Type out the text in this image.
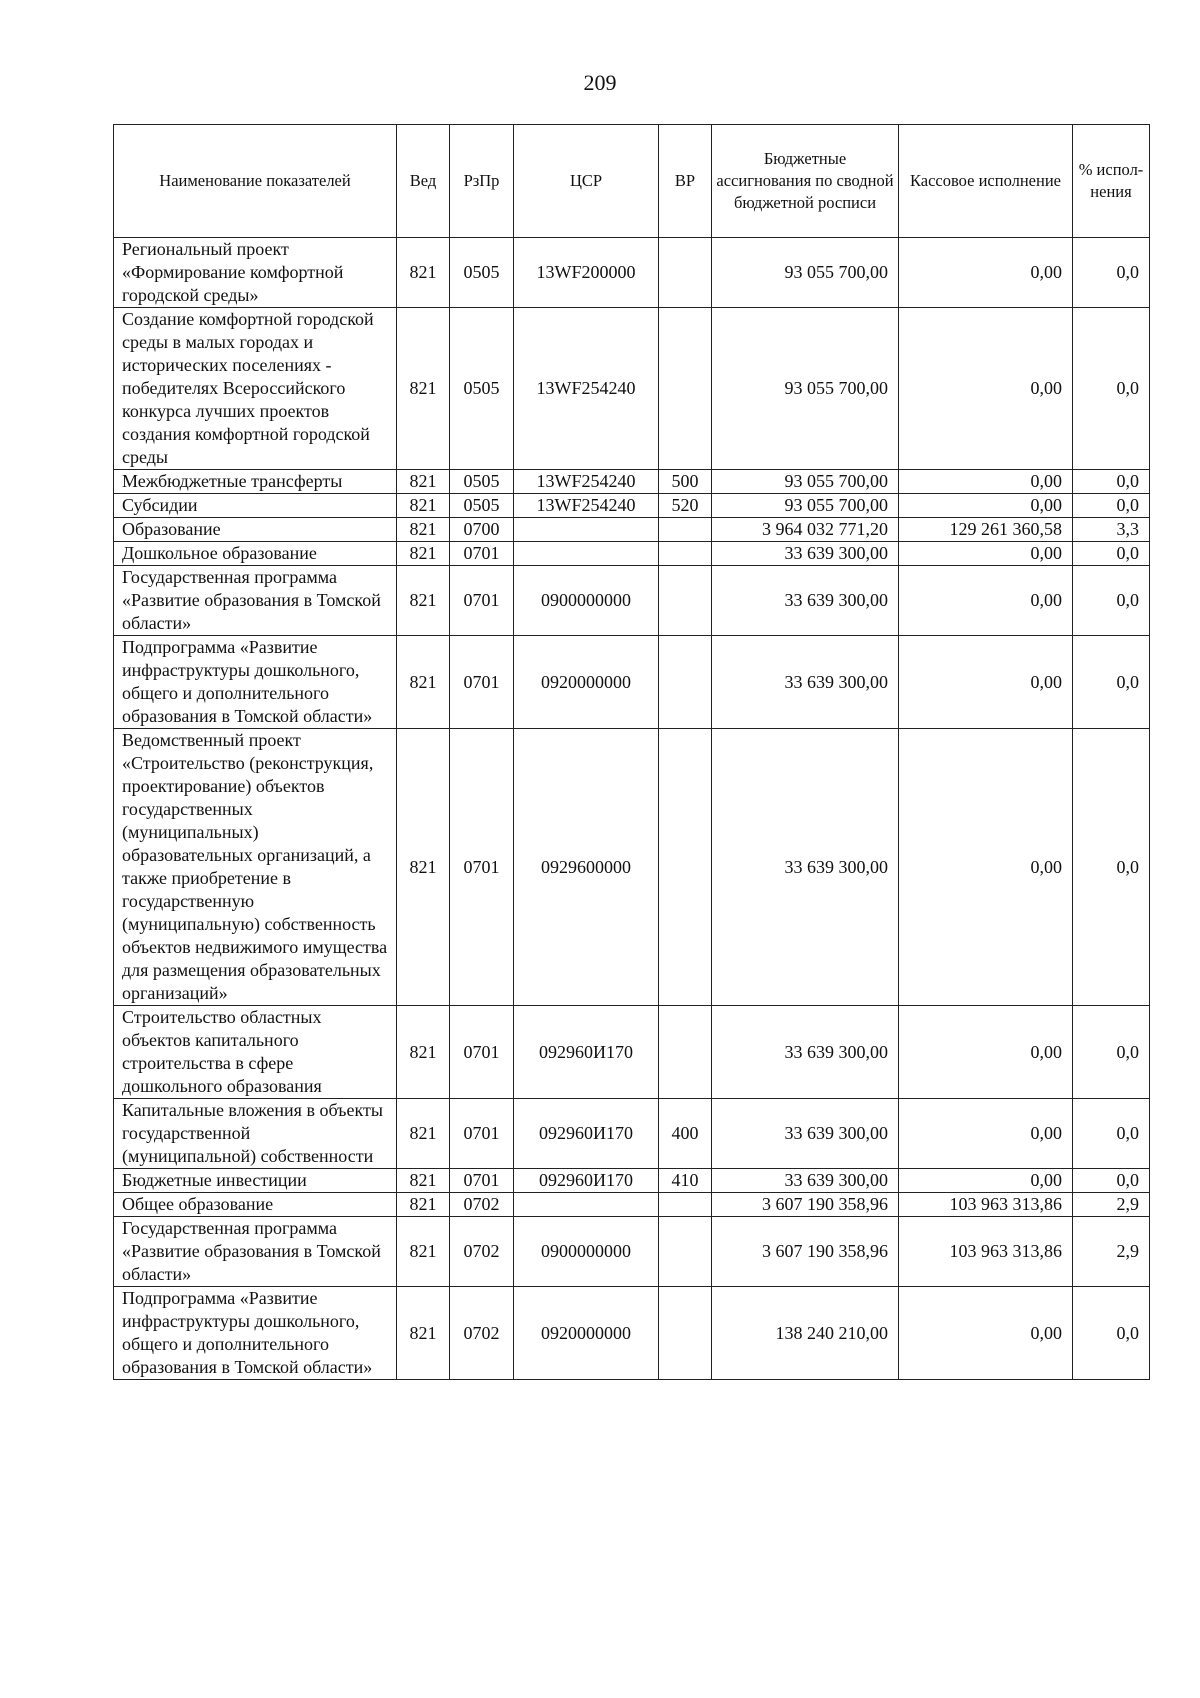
209
Наименование показателей	Вед	РзПр	ЦСР	ВР	Бюджетные ассигнования по сводной бюджетной росписи	Кассовое исполнение	% испол-нения
Региональный проект «Формирование комфортной городской среды»	821	0505	13WF200000		93 055 700,00	0,00	0,0
Создание комфортной городской среды в малых городах и исторических поселениях - победителях Всероссийского конкурса лучших проектов создания комфортной городской среды	821	0505	13WF254240		93 055 700,00	0,00	0,0
Межбюджетные трансферты	821	0505	13WF254240	500	93 055 700,00	0,00	0,0
Субсидии	821	0505	13WF254240	520	93 055 700,00	0,00	0,0
Образование	821	0700			3 964 032 771,20	129 261 360,58	3,3
Дошкольное образование	821	0701			33 639 300,00	0,00	0,0
Государственная программа «Развитие образования в Томской области»	821	0701	0900000000		33 639 300,00	0,00	0,0
Подпрограмма «Развитие инфраструктуры дошкольного, общего и дополнительного образования в Томской области»	821	0701	0920000000		33 639 300,00	0,00	0,0
Ведомственный проект «Строительство (реконструкция, проектирование) объектов государственных (муниципальных) образовательных организаций, а также приобретение в государственную (муниципальную) собственность объектов недвижимого имущества для размещения образовательных организаций»	821	0701	0929600000		33 639 300,00	0,00	0,0
Строительство областных объектов капитального строительства в сфере дошкольного образования	821	0701	092960И170		33 639 300,00	0,00	0,0
Капитальные вложения в объекты государственной (муниципальной) собственности	821	0701	092960И170	400	33 639 300,00	0,00	0,0
Бюджетные инвестиции	821	0701	092960И170	410	33 639 300,00	0,00	0,0
Общее образование	821	0702			3 607 190 358,96	103 963 313,86	2,9
Государственная программа «Развитие образования в Томской области»	821	0702	0900000000		3 607 190 358,96	103 963 313,86	2,9
Подпрограмма «Развитие инфраструктуры дошкольного, общего и дополнительного образования в Томской области»	821	0702	0920000000		138 240 210,00	0,00	0,0
